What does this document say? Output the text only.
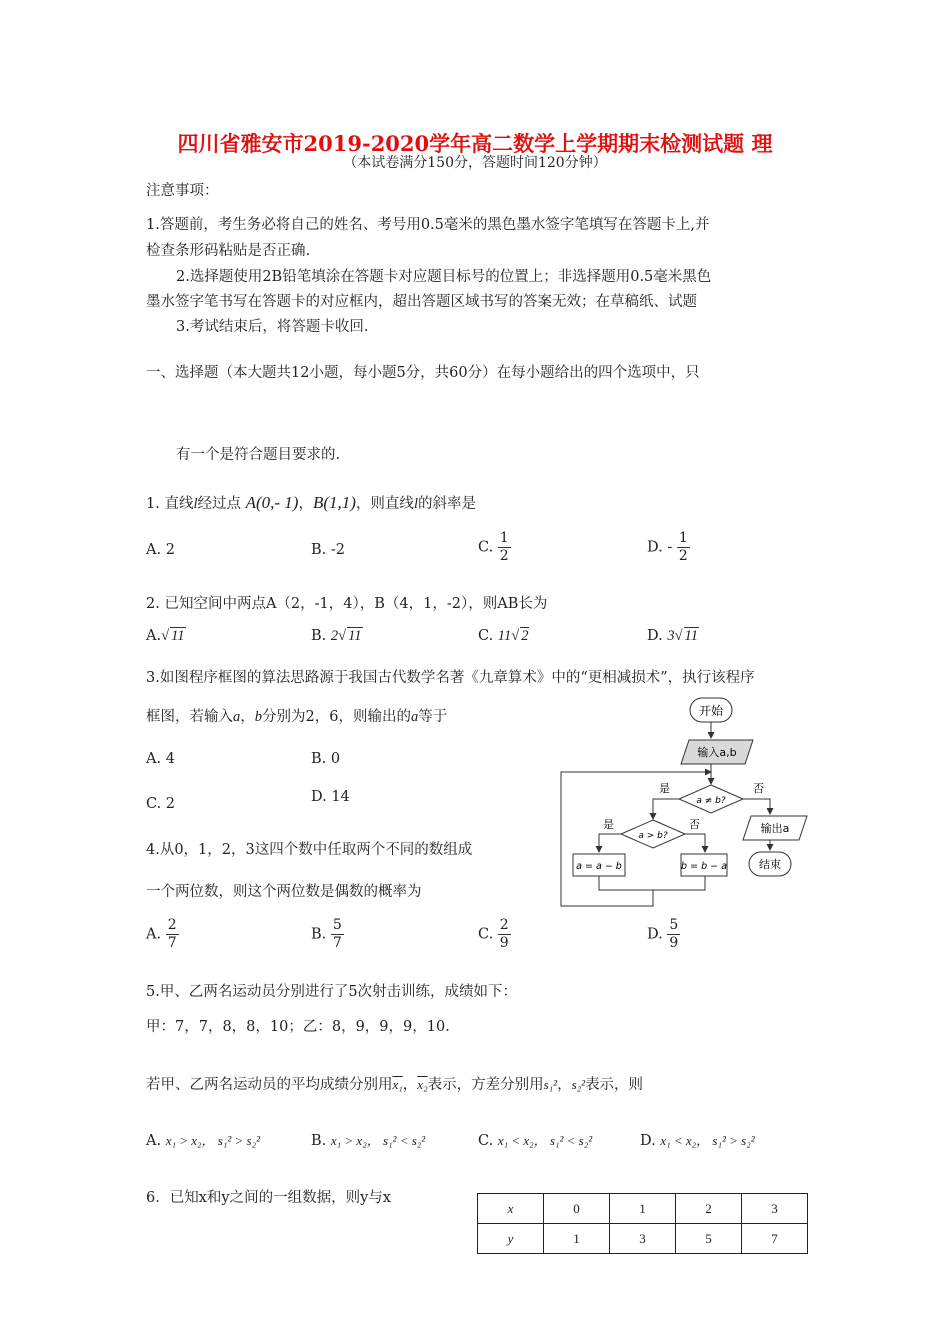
四川省雅安市2019-2020学年高二数学上学期期末检测试题 理
（本试卷满分150分，答题时间120分钟）
注意事项：
1.答题前，考生务必将自己的姓名、考号用0.5毫米的黑色墨水签字笔填写在答题卡上,并
检查条形码粘贴是否正确.
2.选择题使用2B铅笔填涂在答题卡对应题目标号的位置上；非选择题用0.5毫米黑色
墨水签字笔书写在答题卡的对应框内，超出答题区域书写的答案无效；在草稿纸、试题
3.考试结束后，将答题卡收回.
一、选择题（本大题共12小题，每小题5分，共60分）在每小题给出的四个选项中，只
有一个是符合题目要求的.
1. 直线l经过点 A(0,- 1)，B(1,1)，则直线l的斜率是
A. 2	B. -2	C. $\frac{1}{2}$	D. - $\frac{1}{2}$
2. 已知空间中两点A（2，-1，4），B（4，1，-2），则AB长为
A.√ 11	B. 2√ 11	C. 11√ 2	D. 3√ 11
3.如图程序框图的算法思路源于我国古代数学名著《九章算术》中的“更相减损术”，执行该程序
框图，若输入a，b分别为2，6，则输出的a等于
A. 4	B. 0
C. 2	D. 14
开始
输入a,b
a ≠ b?
是	否
输出a
结束
a > b?
是	否
a = a − b	b = b − a
4.从0，1，2，3这四个数中任取两个不同的数组成
一个两位数，则这个两位数是偶数的概率为
A. $\frac{2}{7}$	B. $\frac{5}{7}$	C. $\frac{2}{9}$	D. $\frac{5}{9}$
5.甲、乙两名运动员分别进行了5次射击训练，成绩如下：
甲：7，7，8，8，10；乙：8，9，9，9，10.
若甲、乙两名运动员的平均成绩分别用x₁，x₂表示，方差分别用s₁²，s₂²表示，则
A. x₁ > x₂， s₁² > s₂²	B. x₁ > x₂， s₁² < s₂²	C. x₁ < x₂， s₁² < s₂²	D. x₁ < x₂， s₁² > s₂²
6．已知x和y之间的一组数据，则y与x
x	0	1	2	3
y	1	3	5	7
